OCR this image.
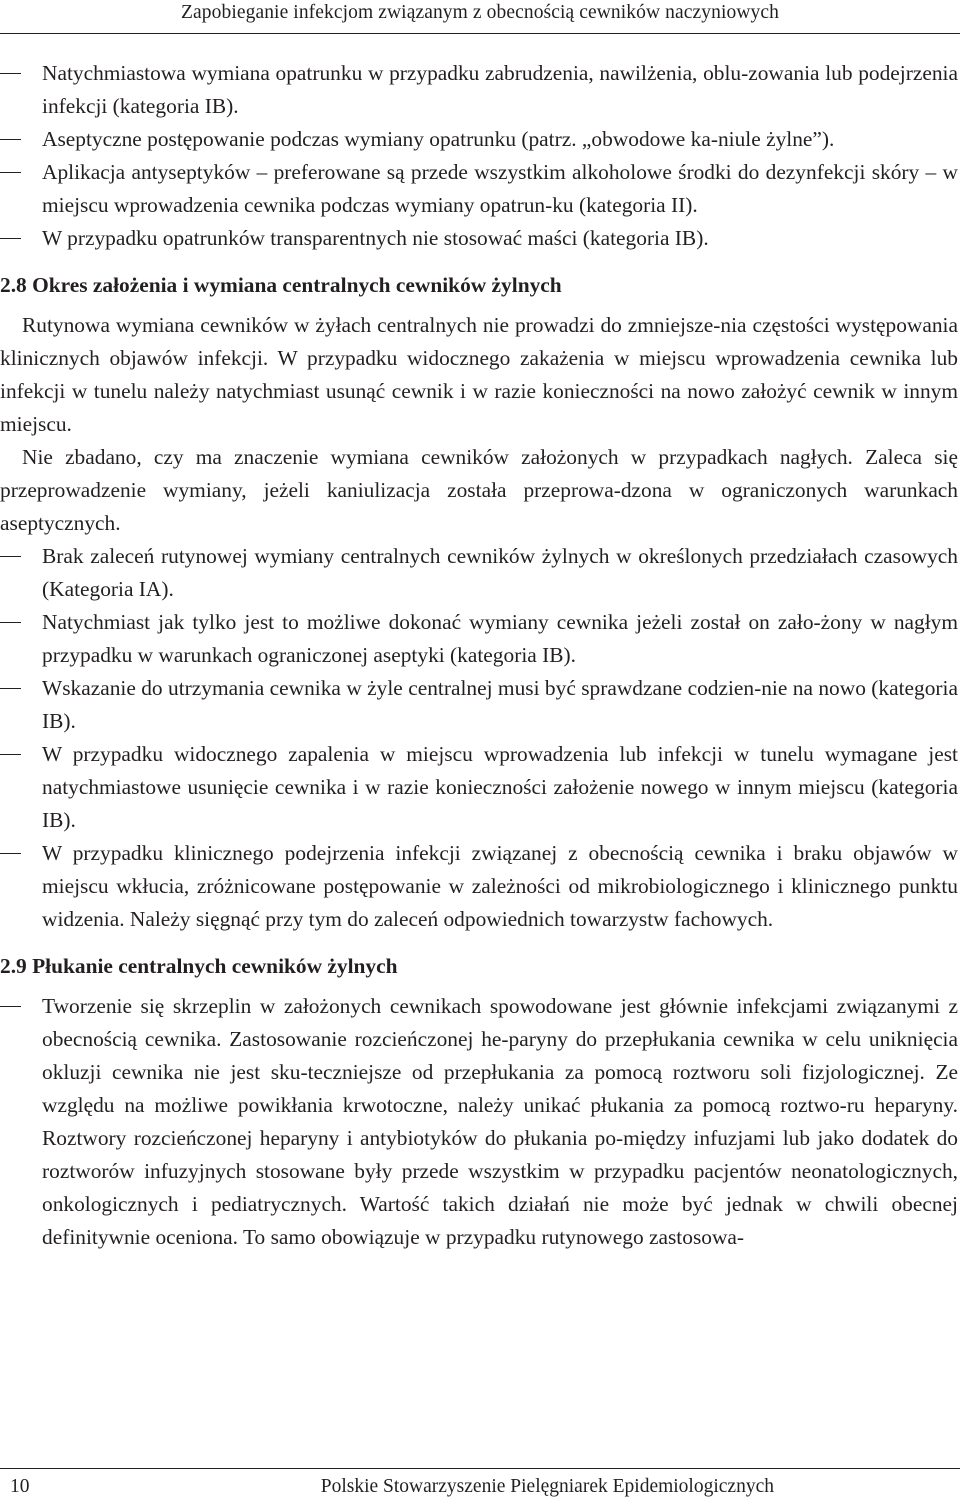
Zapobieganie infekcjom związanym z obecnością cewników naczyniowych
Natychmiastowa wymiana opatrunku w przypadku zabrudzenia, nawilżenia, oblu-zowania lub podejrzenia infekcji (kategoria IB).
Aseptyczne postępowanie podczas wymiany opatrunku (patrz. „obwodowe ka-niule żylne”).
Aplikacja antyseptyków – preferowane są przede wszystkim alkoholowe środki do dezynfekcji skóry – w miejscu wprowadzenia cewnika podczas wymiany opatrun-ku (kategoria II).
W przypadku opatrunków transparentnych nie stosować maści (kategoria IB).
2.8 Okres założenia i wymiana centralnych cewników żylnych

Rutynowa wymiana cewników w żyłach centralnych nie prowadzi do zmniejsze-nia częstości występowania klinicznych objawów infekcji. W przypadku widocznego zakażenia w miejscu wprowadzenia cewnika lub infekcji w tunelu należy natychmiast usunąć cewnik i w razie konieczności na nowo założyć cewnik w innym miejscu.

Nie zbadano, czy ma znaczenie wymiana cewników założonych w przypadkach nagłych. Zaleca się przeprowadzenie wymiany, jeżeli kaniulizacja została przeprowa-dzona w ograniczonych warunkach aseptycznych.

Brak zaleceń rutynowej wymiany centralnych cewników żylnych w określonych przedziałach czasowych (Kategoria IA).
Natychmiast jak tylko jest to możliwe dokonać wymiany cewnika jeżeli został on zało-żony w nagłym przypadku w warunkach ograniczonej aseptyki (kategoria IB).
Wskazanie do utrzymania cewnika w żyle centralnej musi być sprawdzane codzien-nie na nowo (kategoria IB).
W przypadku widocznego zapalenia w miejscu wprowadzenia lub infekcji w tunelu wymagane jest natychmiastowe usunięcie cewnika i w razie konieczności założenie nowego w innym miejscu (kategoria IB).
W przypadku klinicznego podejrzenia infekcji związanej z obecnością cewnika i braku objawów w miejscu wkłucia, zróżnicowane postępowanie w zależności od mikrobiologicznego i klinicznego punktu widzenia. Należy sięgnąć przy tym do zaleceń odpowiednich towarzystw fachowych.
2.9 Płukanie centralnych cewników żylnych
Tworzenie się skrzeplin w założonych cewnikach spowodowane jest głównie infekcjami związanymi z obecnością cewnika. Zastosowanie rozcieńczonej he-paryny do przepłukania cewnika w celu uniknięcia okluzji cewnika nie jest sku-teczniejsze od przepłukania za pomocą roztworu soli fizjologicznej. Ze względu na możliwe powikłania krwotoczne, należy unikać płukania za pomocą roztwo-ru heparyny. Roztwory rozcieńczonej heparyny i antybiotyków do płukania po-między infuzjami lub jako dodatek do roztworów infuzyjnych stosowane były przede wszystkim w przypadku pacjentów neonatologicznych, onkologicznych i pediatrycznych. Wartość takich działań nie może być jednak w chwili obecnej definitywnie oceniona. To samo obowiązuje w przypadku rutynowego zastosowa-
10	Polskie Stowarzyszenie Pielęgniarek Epidemiologicznych
